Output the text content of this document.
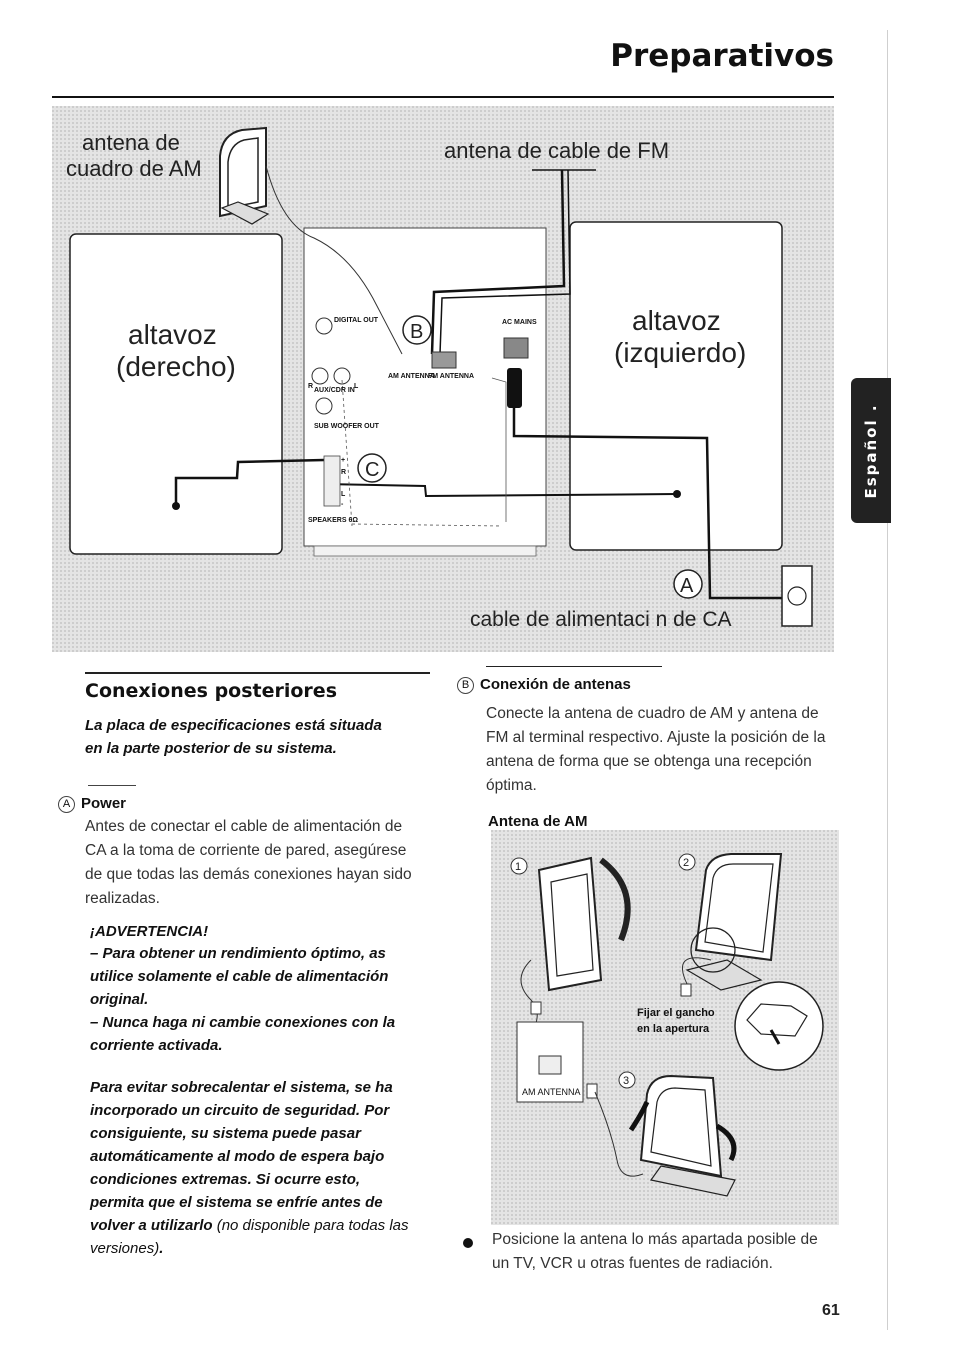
Preparativos
Español .
DIGITAL OUT
AUX/CDR IN
R	L
SUB WOOFER OUT
SPEAKERS 6Ω
AC MAINS
AM ANTENNA
FM ANTENNA
+
R
L
-
B
C
A
antena de
cuadro de AM
antena de cable de FM
altavoz
(derecho)
altavoz
(izquierdo)
cable de alimentaci n de CA
Conexiones posteriores
La placa de especificaciones está situada
en la parte posterior de su sistema.
A Power
Antes de conectar el cable de alimentación de
CA a la toma de corriente de pared, asegúrese
de que todas las demás conexiones hayan sido
realizadas.
¡ADVERTENCIA!
– Para obtener un rendimiento óptimo, as
utilice solamente el cable de alimentación
original.
– Nunca haga ni cambie conexiones con la
corriente activada.
Para evitar sobrecalentar el sistema, se ha
incorporado un circuito de seguridad. Por
consiguiente, su sistema puede pasar
automáticamente al modo de espera bajo
condiciones extremas. Si ocurre esto,
permita que el sistema se enfríe antes de
volver a utilizarlo (no disponible para todas las
versiones).
B Conexión de antenas
Conecte la antena de cuadro de AM y antena de
FM al terminal respectivo. Ajuste la posición de la
antena de forma que se obtenga una recepción
óptima.
Antena de AM
1	2
Fijar el gancho
en la apertura
AM ANTENNA
3
Posicione la antena lo más apartada posible de
un TV, VCR u otras fuentes de radiación.
61
